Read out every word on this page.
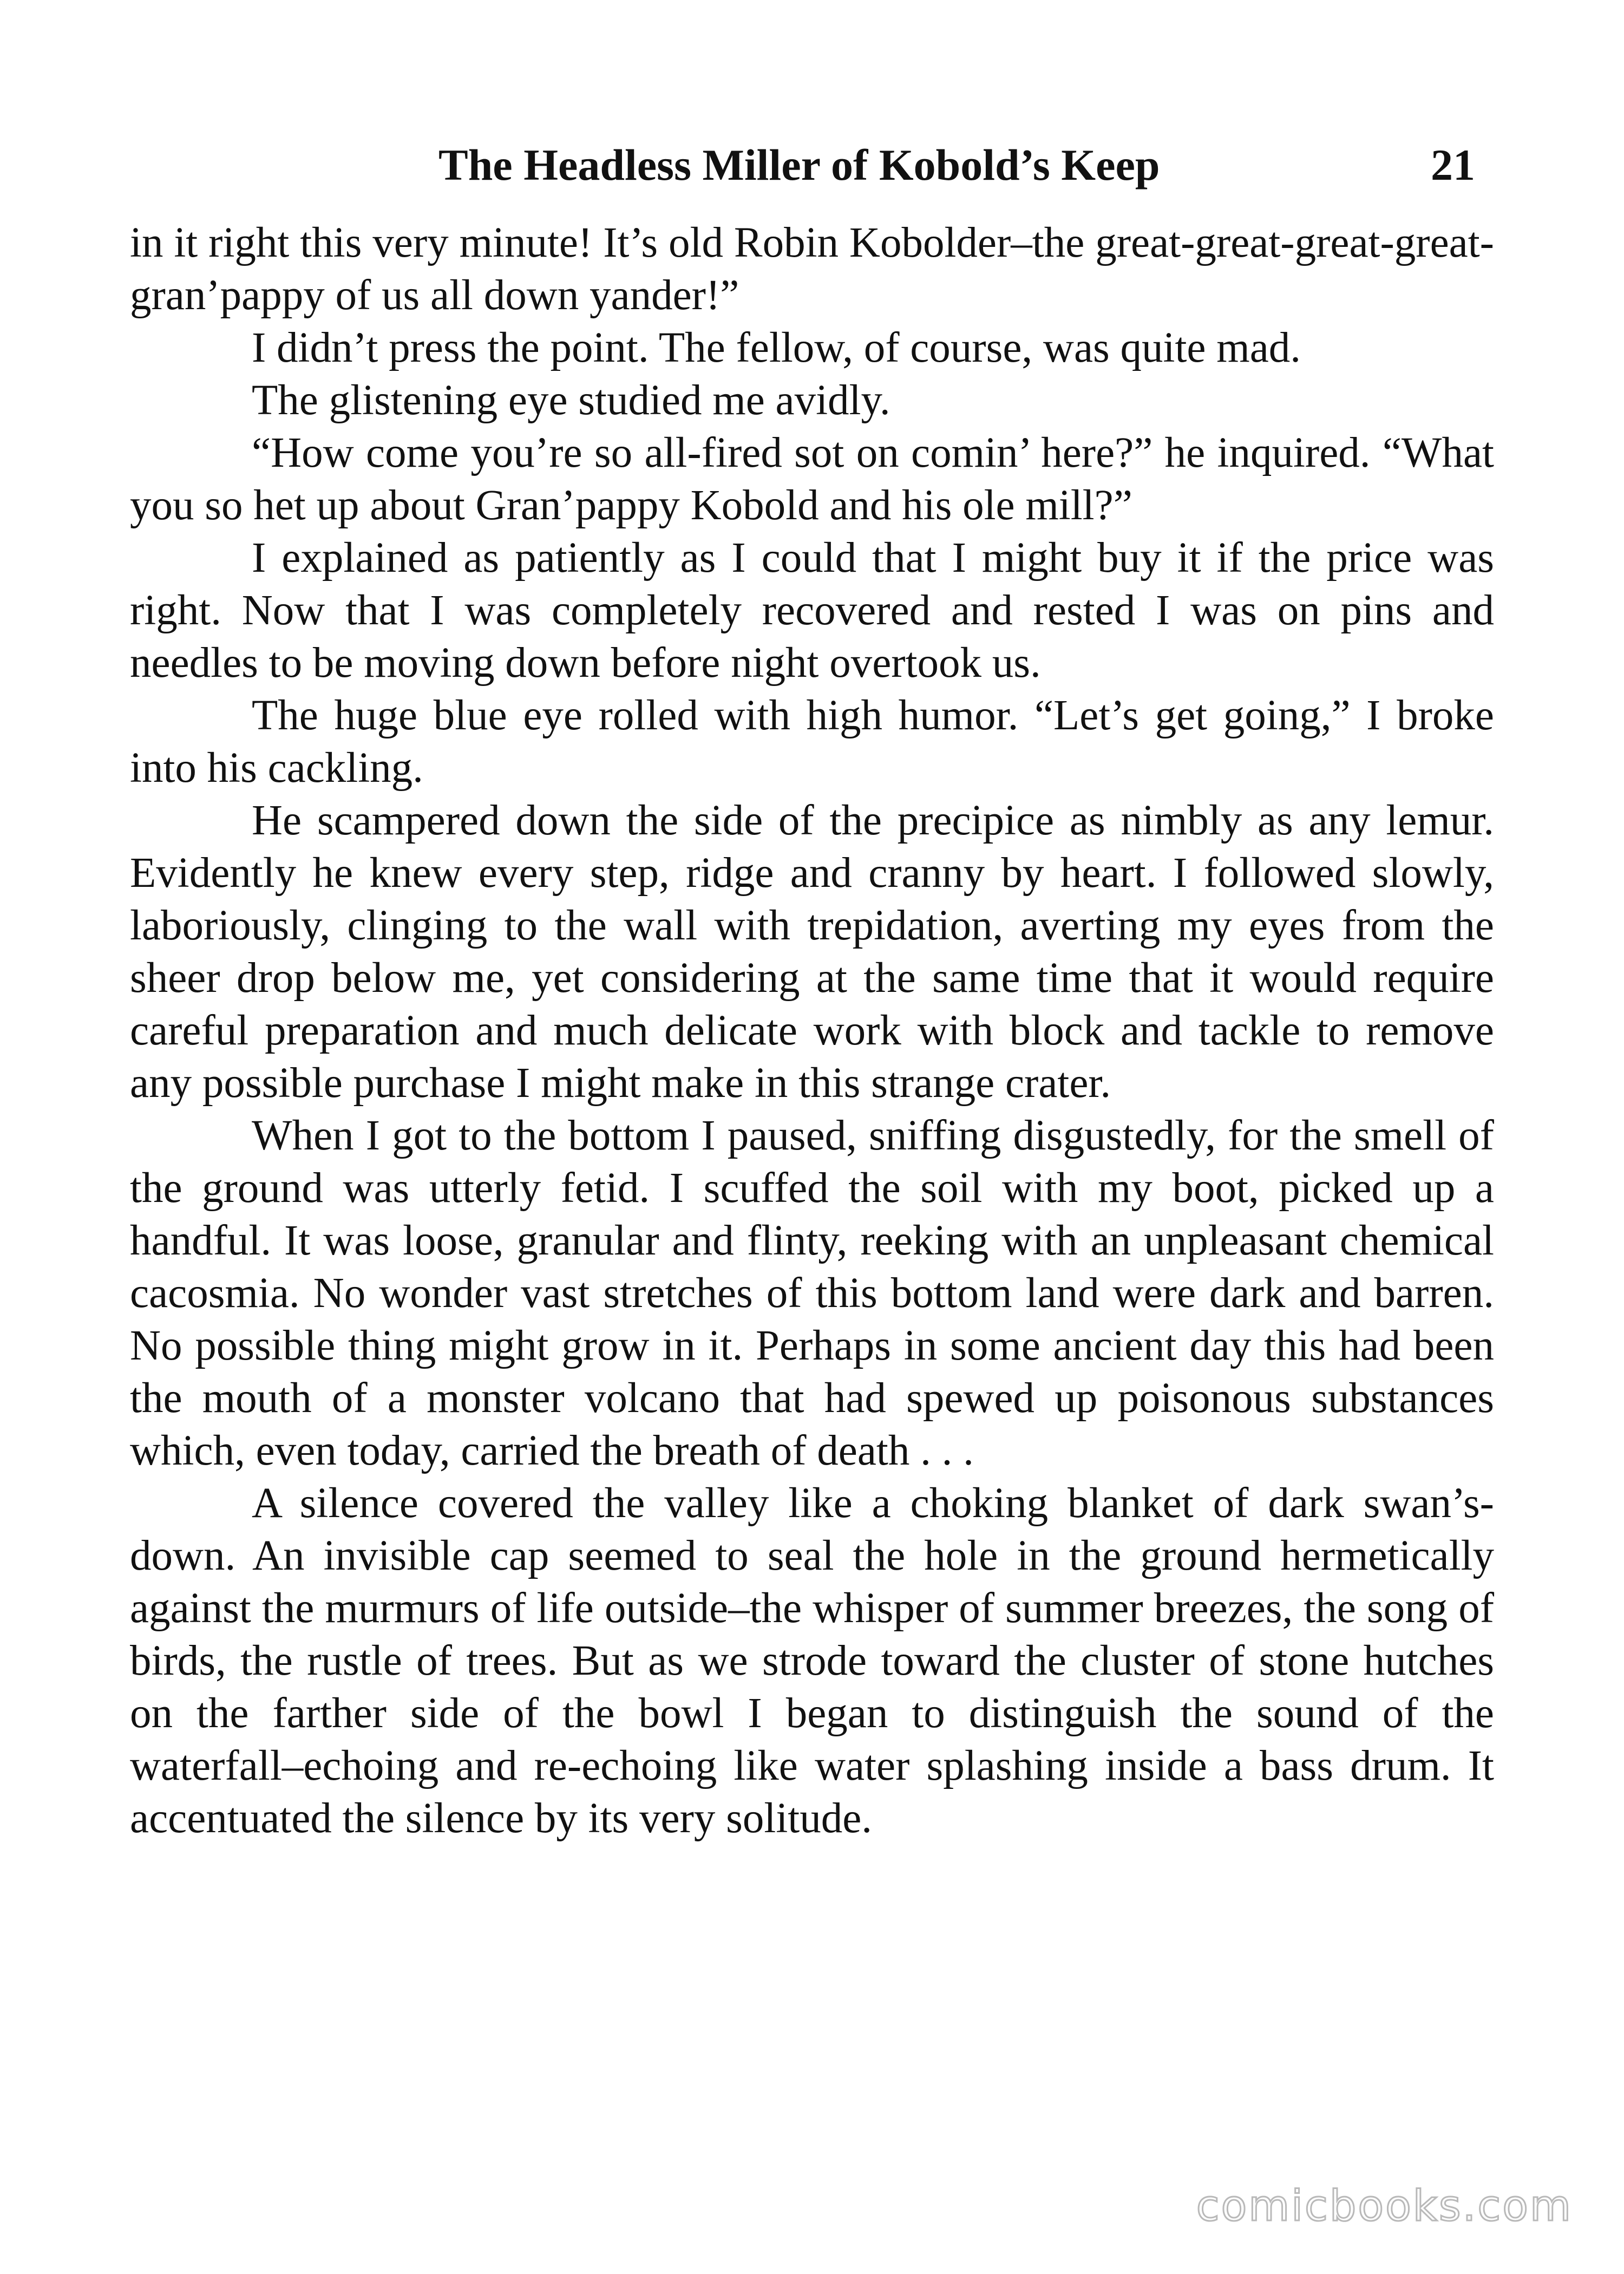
The Headless Miller of Kobold’s Keep	21

in it right this very minute! It’s old Robin Kobolder–the great-great-great-great-gran’pappy of us all down yander!”

I didn’t press the point. The fellow, of course, was quite mad.

The glistening eye studied me avidly.

“How come you’re so all-fired sot on comin’ here?” he inquired. “What you so het up about Gran’pappy Kobold and his ole mill?”

I explained as patiently as I could that I might buy it if the price was right. Now that I was completely recovered and rested I was on pins and needles to be moving down before night overtook us.

The huge blue eye rolled with high humor. “Let’s get going,” I broke into his cackling.

He scampered down the side of the precipice as nimbly as any lemur. Evidently he knew every step, ridge and cranny by heart. I followed slowly, laboriously, clinging to the wall with trepidation, averting my eyes from the sheer drop below me, yet considering at the same time that it would require careful preparation and much delicate work with block and tackle to remove any possible purchase I might make in this strange crater.

When I got to the bottom I paused, sniffing disgustedly, for the smell of the ground was utterly fetid. I scuffed the soil with my boot, picked up a handful. It was loose, granular and flinty, reeking with an unpleasant chemical cacosmia. No wonder vast stretches of this bottom land were dark and barren. No possible thing might grow in it. Perhaps in some ancient day this had been the mouth of a monster volcano that had spewed up poisonous substances which, even today, carried the breath of death . . .

A silence covered the valley like a choking blanket of dark swan’s-down. An invisible cap seemed to seal the hole in the ground hermetically against the murmurs of life outside–the whisper of summer breezes, the song of birds, the rustle of trees. But as we strode toward the cluster of stone hutches on the farther side of the bowl I began to distinguish the sound of the waterfall–echoing and re-echoing like water splashing inside a bass drum. It accentuated the silence by its very solitude.

comicbooks.com
